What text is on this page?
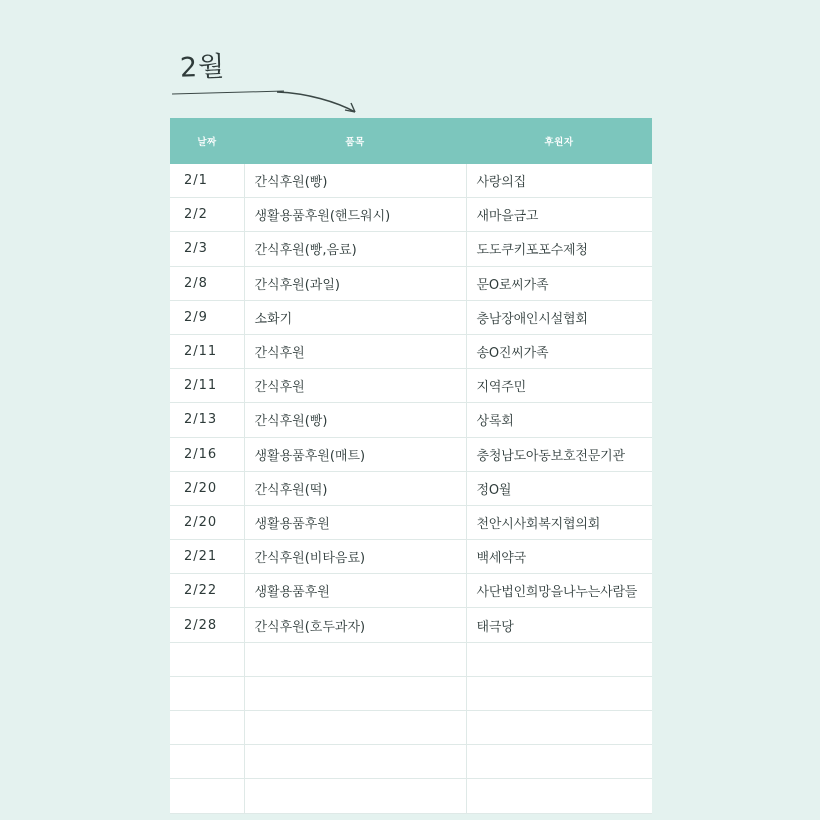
2월
날짜	품목	후원자
2/1	간식후원(빵)	사랑의집
2/2	생활용품후원(핸드워시)	새마을금고
2/3	간식후원(빵,음료)	도도쿠키포포수제청
2/8	간식후원(과일)	문O로씨가족
2/9	소화기	충남장애인시설협회
2/11	간식후원	송O진씨가족
2/11	간식후원	지역주민
2/13	간식후원(빵)	상록회
2/16	생활용품후원(매트)	충청남도아동보호전문기관
2/20	간식후원(떡)	정O월
2/20	생활용품후원	천안시사회복지협의회
2/21	간식후원(비타음료)	백세약국
2/22	생활용품후원	사단법인희망을나누는사람들
2/28	간식후원(호두과자)	태극당
